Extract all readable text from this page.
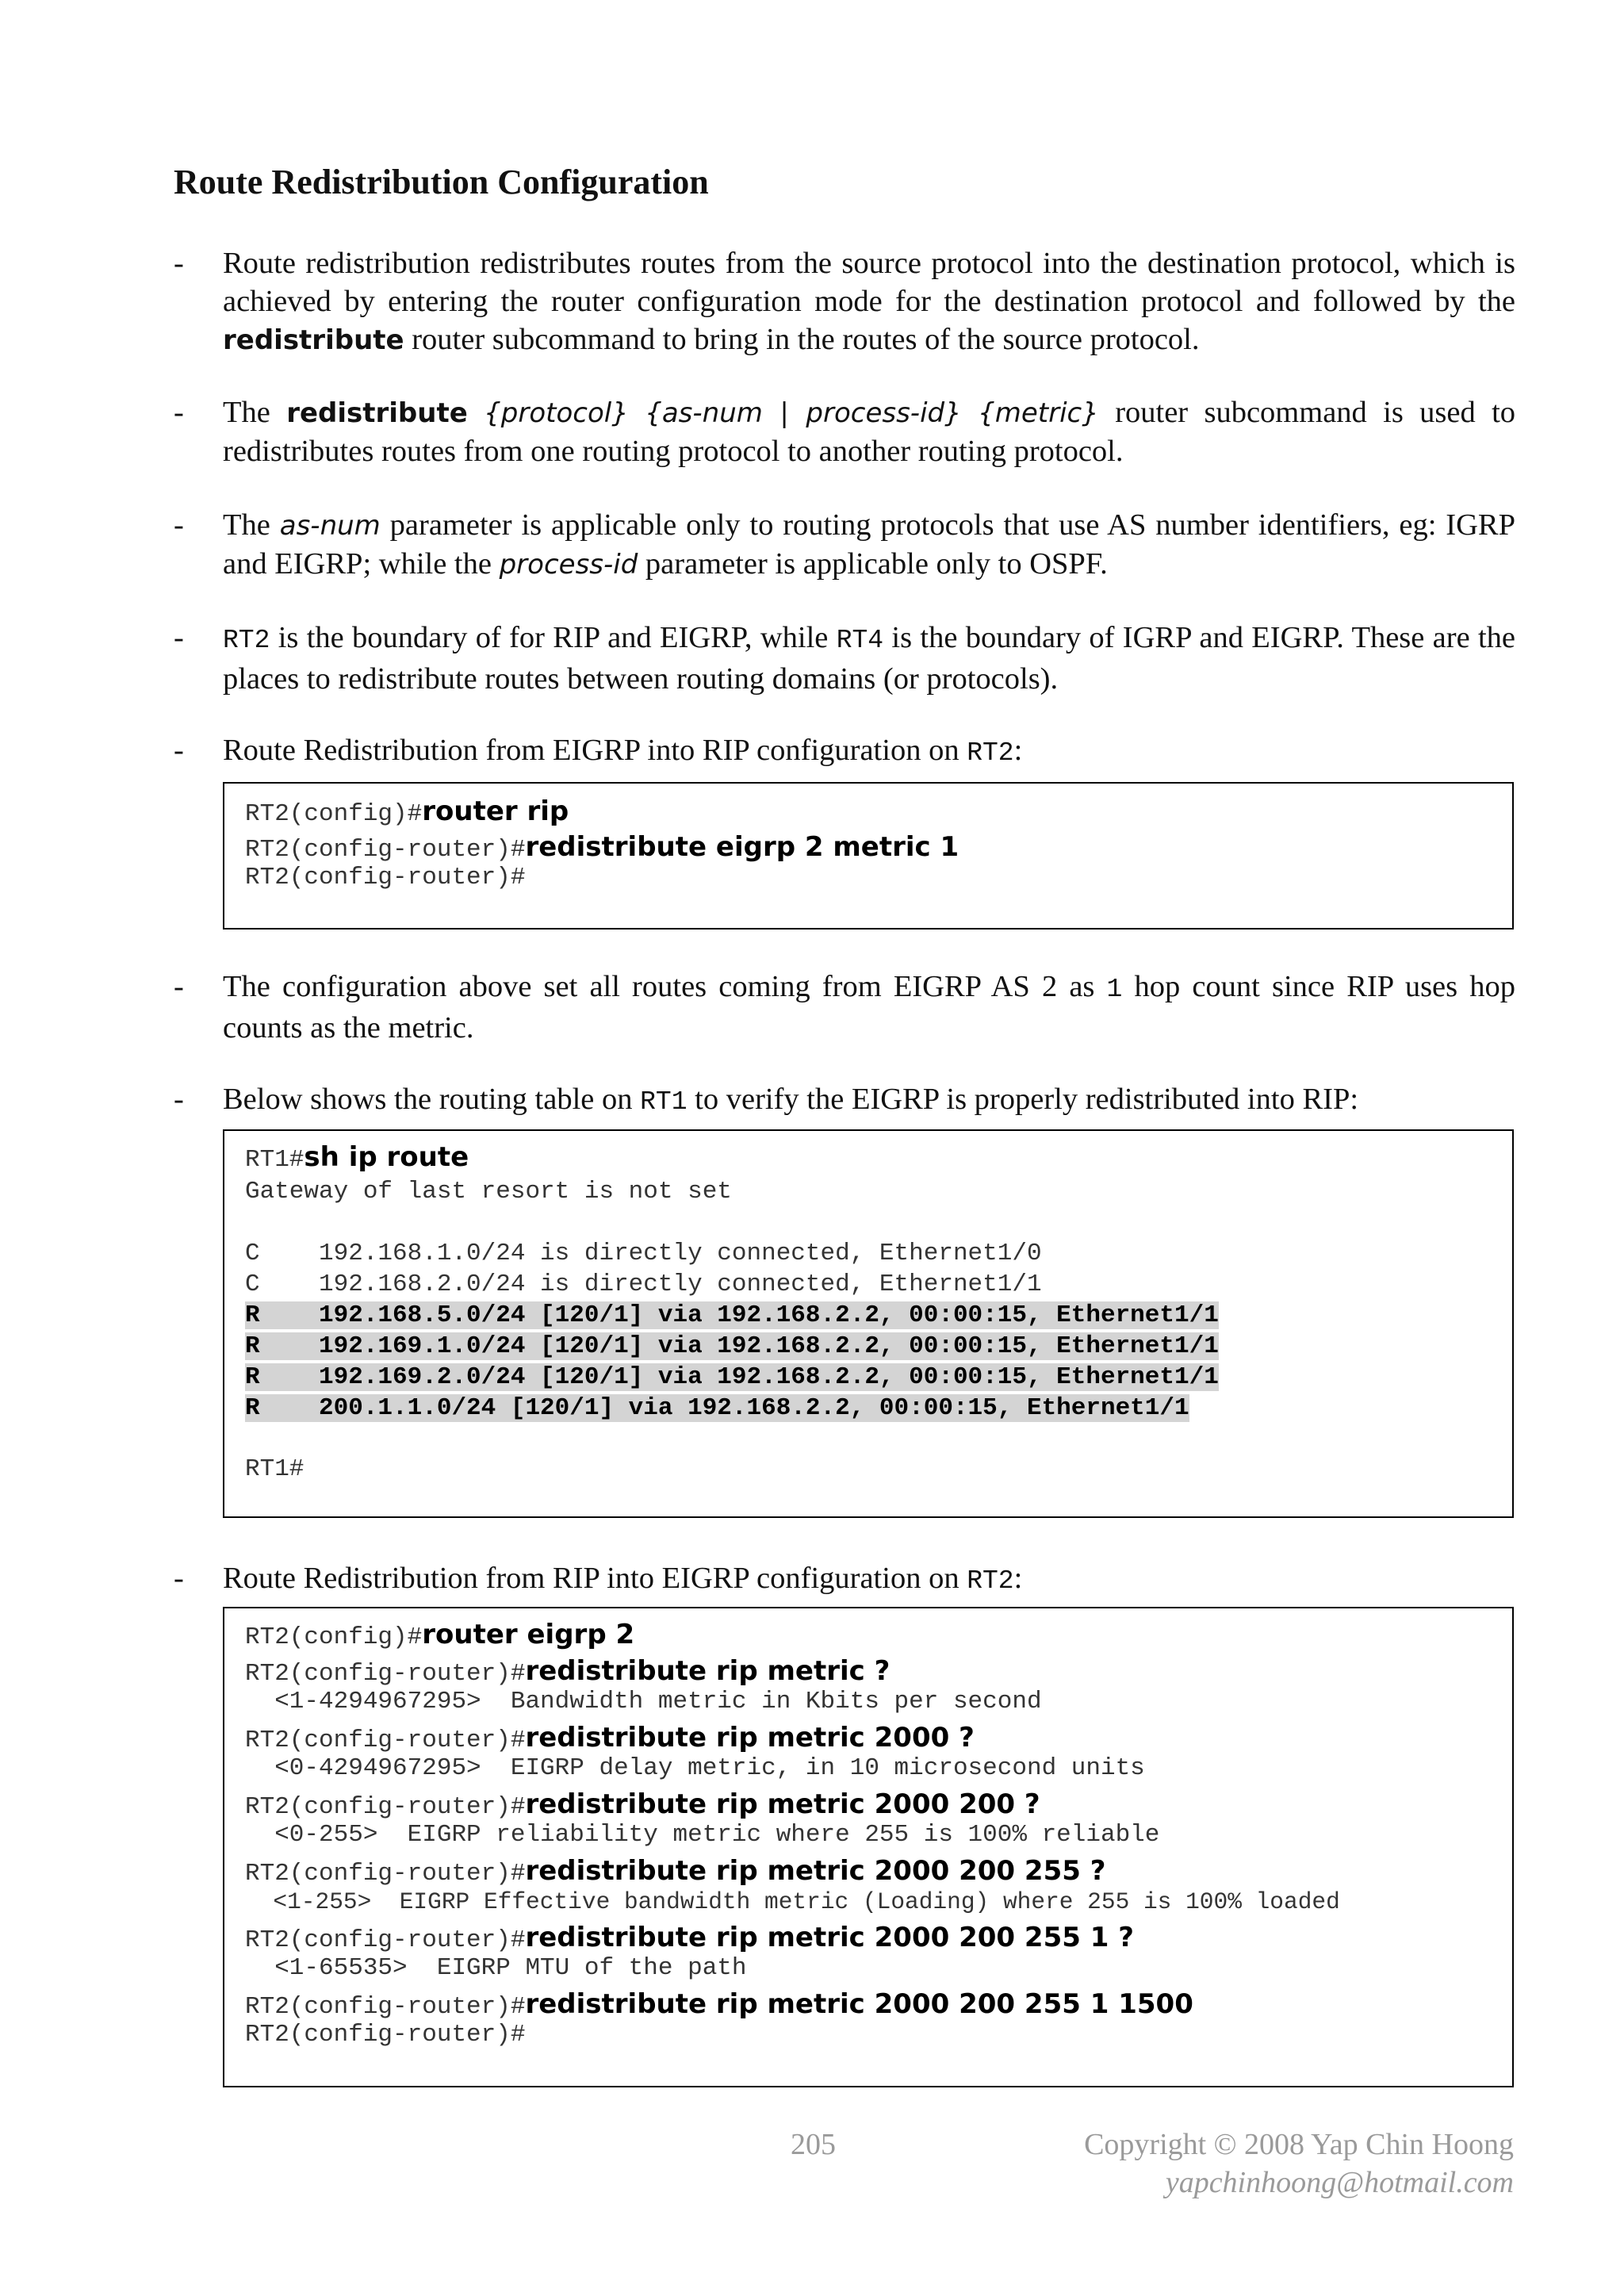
Route Redistribution Configuration
- Route redistribution redistributes routes from the source protocol into the destination protocol, which is achieved by entering the router configuration mode for the destination protocol and followed by the redistribute router subcommand to bring in the routes of the source protocol.
- The redistribute {protocol} {as-num | process-id} {metric} router subcommand is used to redistributes routes from one routing protocol to another routing protocol.
- The as-num parameter is applicable only to routing protocols that use AS number identifiers, eg: IGRP and EIGRP; while the process-id parameter is applicable only to OSPF.
- RT2 is the boundary of for RIP and EIGRP, while RT4 is the boundary of IGRP and EIGRP. These are the places to redistribute routes between routing domains (or protocols).
- Route Redistribution from EIGRP into RIP configuration on RT2:
RT2(config)#router rip
RT2(config-router)#redistribute eigrp 2 metric 1
RT2(config-router)#
- The configuration above set all routes coming from EIGRP AS 2 as 1 hop count since RIP uses hop counts as the metric.
- Below shows the routing table on RT1 to verify the EIGRP is properly redistributed into RIP:
RT1#sh ip route
Gateway of last resort is not set
C    192.168.1.0/24 is directly connected, Ethernet1/0
C    192.168.2.0/24 is directly connected, Ethernet1/1
R    192.168.5.0/24 [120/1] via 192.168.2.2, 00:00:15, Ethernet1/1
R    192.169.1.0/24 [120/1] via 192.168.2.2, 00:00:15, Ethernet1/1
R    192.169.2.0/24 [120/1] via 192.168.2.2, 00:00:15, Ethernet1/1
R    200.1.1.0/24 [120/1] via 192.168.2.2, 00:00:15, Ethernet1/1
RT1#
- Route Redistribution from RIP into EIGRP configuration on RT2:
RT2(config)#router eigrp 2
RT2(config-router)#redistribute rip metric ?
<1-4294967295>  Bandwidth metric in Kbits per second
RT2(config-router)#redistribute rip metric 2000 ?
<0-4294967295>  EIGRP delay metric, in 10 microsecond units
RT2(config-router)#redistribute rip metric 2000 200 ?
<0-255>  EIGRP reliability metric where 255 is 100% reliable
RT2(config-router)#redistribute rip metric 2000 200 255 ?
<1-255>  EIGRP Effective bandwidth metric (Loading) where 255 is 100% loaded
RT2(config-router)#redistribute rip metric 2000 200 255 1 ?
<1-65535>  EIGRP MTU of the path
RT2(config-router)#redistribute rip metric 2000 200 255 1 1500
RT2(config-router)#
205	Copyright © 2008 Yap Chin Hoong
yapchinhoong@hotmail.com
